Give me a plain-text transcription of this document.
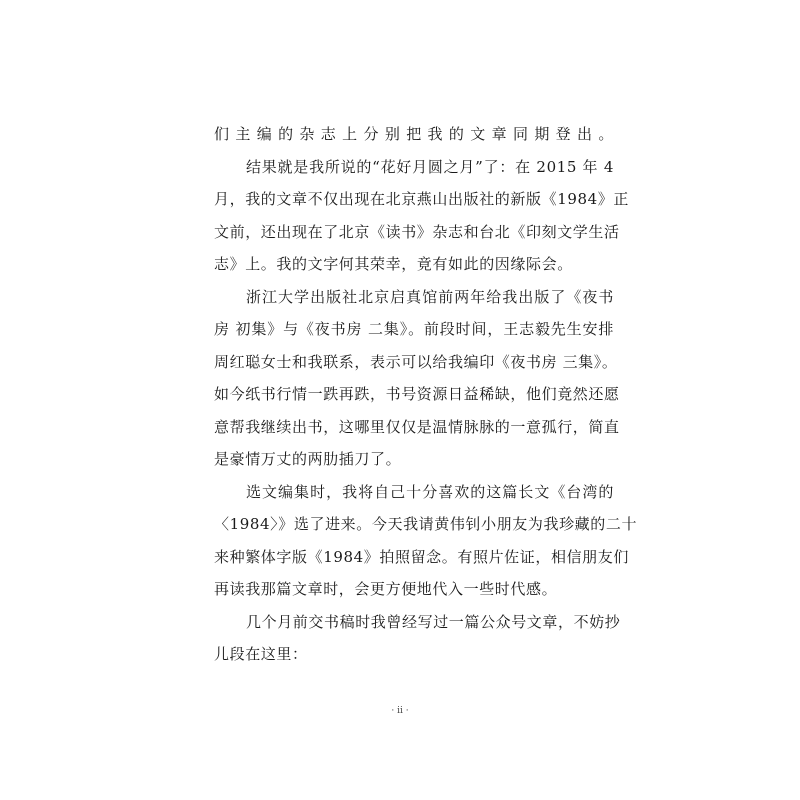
们主编的杂志上分别把我的文章同期登出。
结果就是我所说的“花好月圆之月”了：在 2015 年 4
月，我的文章不仅出现在北京燕山出版社的新版《1984》正
文前，还出现在了北京《读书》杂志和台北《印刻文学生活
志》上。我的文字何其荣幸，竟有如此的因缘际会。
浙江大学出版社北京启真馆前两年给我出版了《夜书
房 初集》与《夜书房 二集》。前段时间，王志毅先生安排
周红聪女士和我联系，表示可以给我编印《夜书房 三集》。
如今纸书行情一跌再跌，书号资源日益稀缺，他们竟然还愿
意帮我继续出书，这哪里仅仅是温情脉脉的一意孤行，简直
是豪情万丈的两肋插刀了。
选文编集时，我将自己十分喜欢的这篇长文《台湾的
〈1984〉》选了进来。今天我请黄伟钊小朋友为我珍藏的二十
来种繁体字版《1984》拍照留念。有照片佐证，相信朋友们
再读我那篇文章时，会更方便地代入一些时代感。
几个月前交书稿时我曾经写过一篇公众号文章，不妨抄
儿段在这里：
· ii ·
